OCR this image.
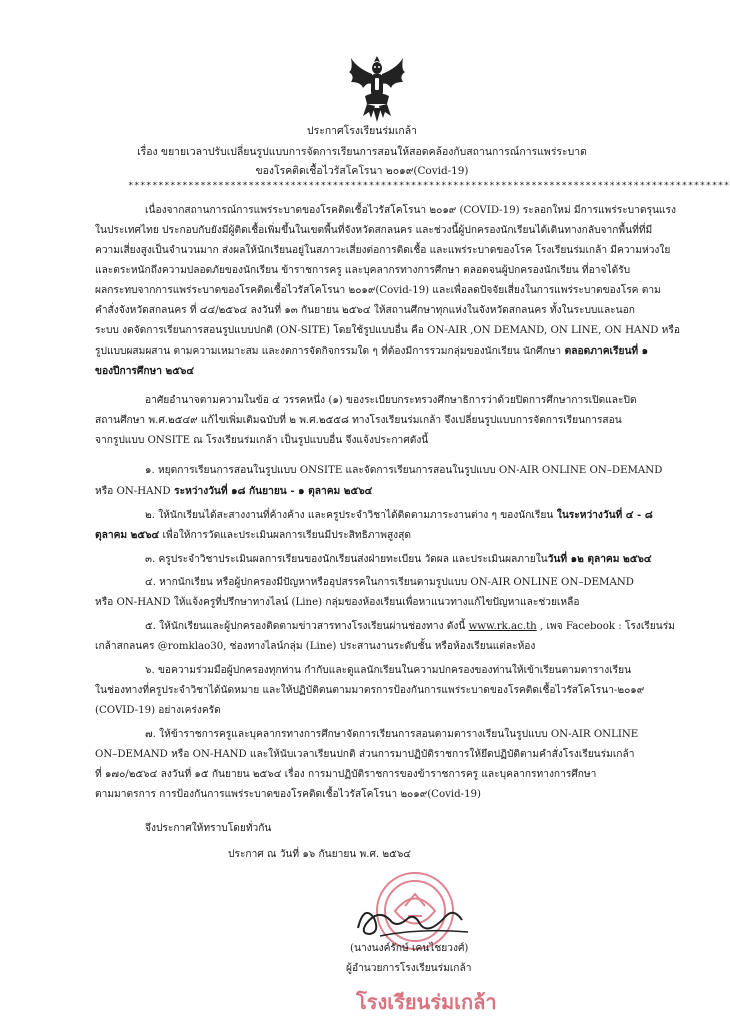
ประกาศโรงเรียนร่มเกล้า
เรื่อง ขยายเวลาปรับเปลี่ยนรูปแบบการจัดการเรียนการสอนให้สอดคล้องกับสถานการณ์การแพร่ระบาด
ของโรคติดเชื้อไวรัสโคโรนา ๒๐๑๙(Covid-19)
****************************************************************************************************
เนื่องจากสถานการณ์การแพร่ระบาดของโรคติดเชื้อไวรัสโคโรนา ๒๐๑๙ (COVID-19) ระลอกใหม่ มีการแพร่ระบาดรุนแรง
ในประเทศไทย ประกอบกับยังมีผู้ติดเชื้อเพิ่มขึ้นในเขตพื้นที่จังหวัดสกลนคร และช่วงนี้ผู้ปกครองนักเรียนได้เดินทางกลับจากพื้นที่ที่มี
ความเสี่ยงสูงเป็นจำนวนมาก ส่งผลให้นักเรียนอยู่ในสภาวะเสี่ยงต่อการติดเชื้อ และแพร่ระบาดของโรค โรงเรียนร่มเกล้า มีความห่วงใย
และตระหนักถึงความปลอดภัยของนักเรียน ข้าราชการครู และบุคลากรทางการศึกษา ตลอดจนผู้ปกครองนักเรียน ที่อาจได้รับ
ผลกระทบจากการแพร่ระบาดของโรคติดเชื้อไวรัสโคโรนา ๒๐๑๙(Covid-19) และเพื่อลดปัจจัยเสี่ยงในการแพร่ระบาดของโรค ตาม
คำสั่งจังหวัดสกลนคร ที่ ๔๔/๒๕๖๔ ลงวันที่ ๑๓ กันยายน ๒๕๖๔ ให้สถานศึกษาทุกแห่งในจังหวัดสกลนคร ทั้งในระบบและนอก
ระบบ งดจัดการเรียนการสอนรูปแบบปกติ (ON-SITE) โดยใช้รูปแบบอื่น คือ ON-AIR ,ON DEMAND, ON LINE, ON HAND หรือ
รูปแบบผสมผสาน ตามความเหมาะสม และงดการจัดกิจกรรมใด ๆ ที่ต้องมีการรวมกลุ่มของนักเรียน นักศึกษา ตลอดภาคเรียนที่ ๑
ของปีการศึกษา ๒๕๖๔
อาศัยอำนาจตามความในข้อ ๔ วรรคหนึ่ง (๑) ของระเบียบกระทรวงศึกษาธิการว่าด้วยปิดการศึกษาการเปิดและปิด
สถานศึกษา พ.ศ.๒๕๔๙ แก้ไขเพิ่มเติมฉบับที่ ๒ พ.ศ.๒๕๕๘ ทางโรงเรียนร่มเกล้า จึงเปลี่ยนรูปแบบการจัดการเรียนการสอน
จากรูปแบบ ONSITE ณ โรงเรียนร่มเกล้า เป็นรูปแบบอื่น จึงแจ้งประกาศดังนี้
๑. หยุดการเรียนการสอนในรูปแบบ ONSITE และจัดการเรียนการสอนในรูปแบบ ON-AIR ONLINE ON–DEMAND
หรือ ON-HAND ระหว่างวันที่ ๑๘ กันยายน - ๑ ตุลาคม ๒๕๖๔
๒. ให้นักเรียนได้สะสางงานที่ค้างค้าง และครูประจำวิชาได้ติดตามภาระงานต่าง ๆ ของนักเรียน ในระหว่างวันที่ ๔ - ๘
ตุลาคม ๒๕๖๔ เพื่อให้การวัดและประเมินผลการเรียนมีประสิทธิภาพสูงสุด
๓. ครูประจำวิชาประเมินผลการเรียนของนักเรียนส่งฝ่ายทะเบียน วัดผล และประเมินผลภายในวันที่ ๑๒ ตุลาคม ๒๕๖๔
๔. หากนักเรียน หรือผู้ปกครองมีปัญหาหรืออุปสรรคในการเรียนตามรูปแบบ ON-AIR ONLINE ON–DEMAND
หรือ ON-HAND ให้แจ้งครูที่ปรึกษาทางไลน์ (Line) กลุ่มของห้องเรียนเพื่อหาแนวทางแก้ไขปัญหาและช่วยเหลือ
๕. ให้นักเรียนและผู้ปกครองติดตามข่าวสารทางโรงเรียนผ่านช่องทาง ดังนี้ www.rk.ac.th , เพจ Facebook : โรงเรียนร่ม
เกล้าสกลนคร @romklao30, ช่องทางไลน์กลุ่ม (Line) ประสานงานระดับชั้น หรือห้องเรียนแต่ละห้อง
๖. ขอความร่วมมือผู้ปกครองทุกท่าน กำกับและดูแลนักเรียนในความปกครองของท่านให้เข้าเรียนตามตารางเรียน
ในช่องทางที่ครูประจำวิชาได้นัดหมาย และให้ปฏิบัติตนตามมาตรการป้องกันการแพร่ระบาดของโรคติดเชื้อไวรัสโคโรนา-๒๐๑๙
(COVID-19) อย่างเคร่งครัด
๗. ให้ข้าราชการครูและบุคลากรทางการศึกษาจัดการเรียนการสอนตามตารางเรียนในรูปแบบ ON-AIR ONLINE
ON–DEMAND หรือ ON-HAND และให้นับเวลาเรียนปกติ ส่วนการมาปฏิบัติราชการให้ยึดปฏิบัติตามคำสั่งโรงเรียนร่มเกล้า
ที่ ๑๗๐/๒๕๖๔ ลงวันที่ ๑๕ กันยายน ๒๕๖๔ เรื่อง การมาปฏิบัติราชการของข้าราชการครู และบุคลากรทางการศึกษา
ตามมาตรการ การป้องกันการแพร่ระบาดของโรคติดเชื้อไวรัสโคโรนา ๒๐๑๙(Covid-19)
จึงประกาศให้ทราบโดยทั่วกัน
ประกาศ ณ วันที่ ๑๖ กันยายน พ.ศ. ๒๕๖๔
(นางนงค์รักษ์ เคนไชยวงศ์)
ผู้อำนวยการโรงเรียนร่มเกล้า
โรงเรียนร่มเกล้า
